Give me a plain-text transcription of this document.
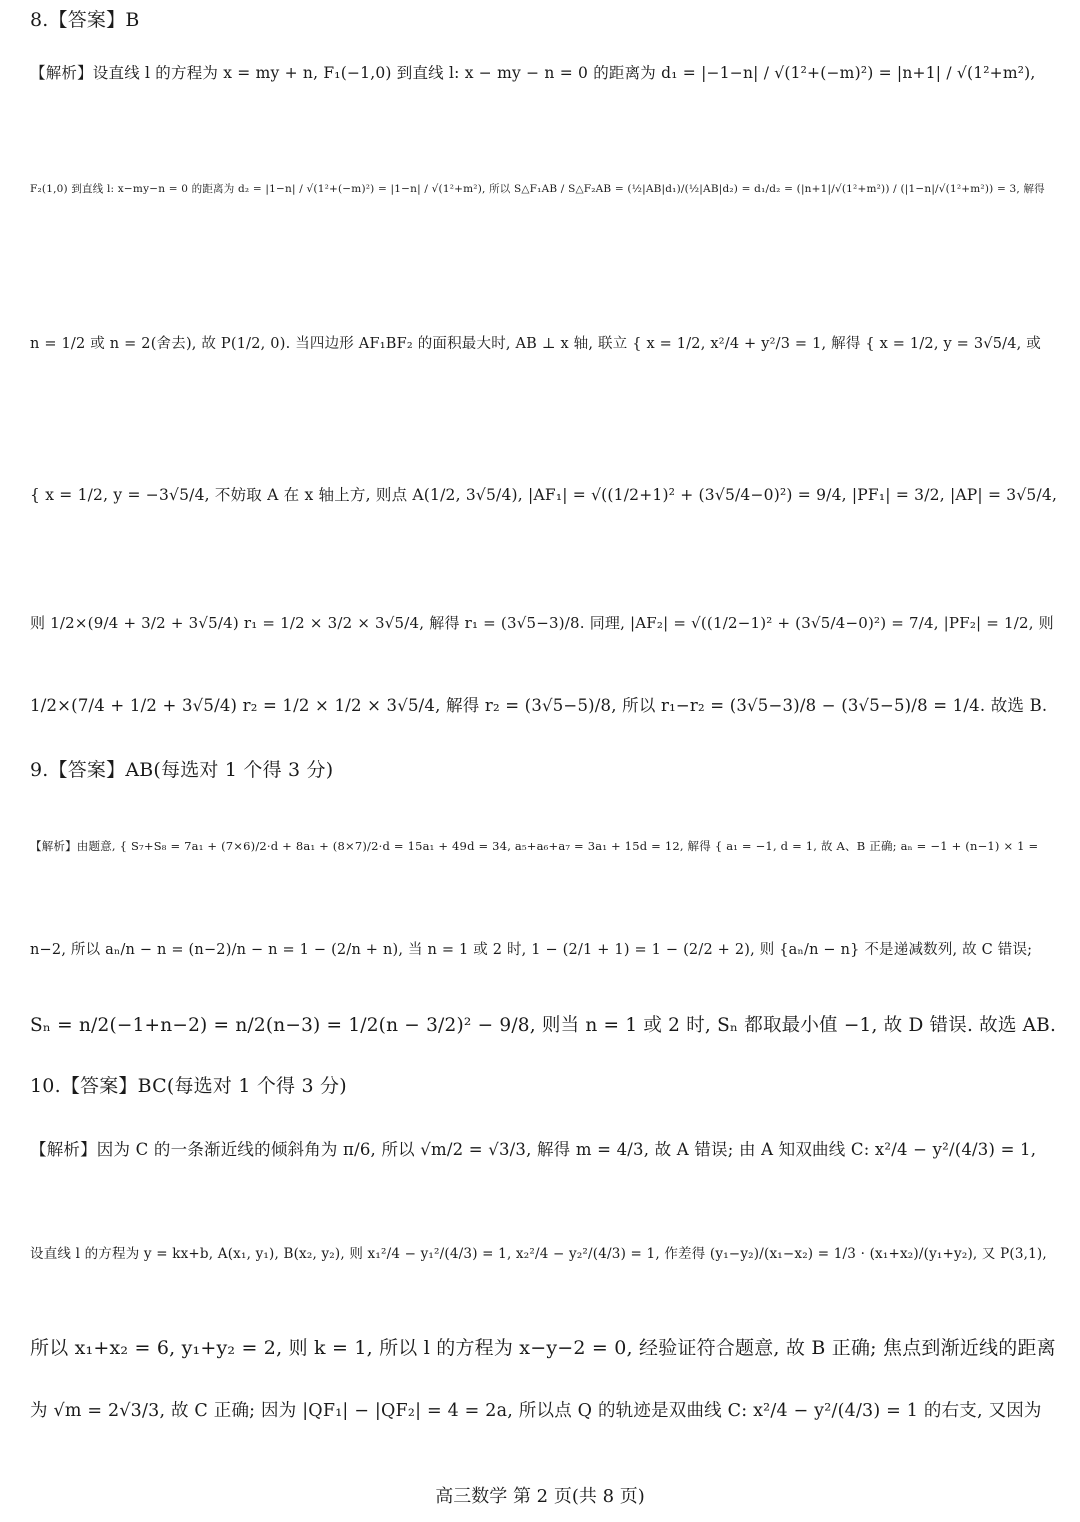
8.【答案】B
【解析】设直线 l 的方程为 x = my + n, F₁(−1,0) 到直线 l: x − my − n = 0 的距离为 d₁ = |−1−n| / √(1²+(−m)²) = |n+1| / √(1²+m²),
F₂(1,0) 到直线 l: x−my−n = 0 的距离为 d₂ = |1−n| / √(1²+(−m)²) = |1−n| / √(1²+m²), 所以 S△F₁AB / S△F₂AB = (½|AB|d₁)/(½|AB|d₂) = d₁/d₂ = (|n+1|/√(1²+m²)) / (|1−n|/√(1²+m²)) = 3, 解得
n = 1/2 或 n = 2(舍去), 故 P(1/2, 0). 当四边形 AF₁BF₂ 的面积最大时, AB ⊥ x 轴, 联立 { x = 1/2, x²/4 + y²/3 = 1, 解得 { x = 1/2, y = 3√5/4, 或
{ x = 1/2, y = −3√5/4, 不妨取 A 在 x 轴上方, 则点 A(1/2, 3√5/4), |AF₁| = √((1/2+1)² + (3√5/4−0)²) = 9/4, |PF₁| = 3/2, |AP| = 3√5/4,
则 1/2×(9/4 + 3/2 + 3√5/4) r₁ = 1/2 × 3/2 × 3√5/4, 解得 r₁ = (3√5−3)/8. 同理, |AF₂| = √((1/2−1)² + (3√5/4−0)²) = 7/4, |PF₂| = 1/2, 则
1/2×(7/4 + 1/2 + 3√5/4) r₂ = 1/2 × 1/2 × 3√5/4, 解得 r₂ = (3√5−5)/8, 所以 r₁−r₂ = (3√5−3)/8 − (3√5−5)/8 = 1/4. 故选 B.
9.【答案】AB(每选对 1 个得 3 分)
【解析】由题意, { S₇+S₈ = 7a₁ + (7×6)/2·d + 8a₁ + (8×7)/2·d = 15a₁ + 49d = 34, a₅+a₆+a₇ = 3a₁ + 15d = 12, 解得 { a₁ = −1, d = 1, 故 A、B 正确; aₙ = −1 + (n−1) × 1 =
n−2, 所以 aₙ/n − n = (n−2)/n − n = 1 − (2/n + n), 当 n = 1 或 2 时, 1 − (2/1 + 1) = 1 − (2/2 + 2), 则 {aₙ/n − n} 不是递减数列, 故 C 错误;
Sₙ = n/2(−1+n−2) = n/2(n−3) = 1/2(n − 3/2)² − 9/8, 则当 n = 1 或 2 时, Sₙ 都取最小值 −1, 故 D 错误. 故选 AB.
10.【答案】BC(每选对 1 个得 3 分)
【解析】因为 C 的一条渐近线的倾斜角为 π/6, 所以 √m/2 = √3/3, 解得 m = 4/3, 故 A 错误; 由 A 知双曲线 C: x²/4 − y²/(4/3) = 1,
设直线 l 的方程为 y = kx+b, A(x₁, y₁), B(x₂, y₂), 则 x₁²/4 − y₁²/(4/3) = 1, x₂²/4 − y₂²/(4/3) = 1, 作差得 (y₁−y₂)/(x₁−x₂) = 1/3 · (x₁+x₂)/(y₁+y₂), 又 P(3,1),
所以 x₁+x₂ = 6, y₁+y₂ = 2, 则 k = 1, 所以 l 的方程为 x−y−2 = 0, 经验证符合题意, 故 B 正确; 焦点到渐近线的距离
为 √m = 2√3/3, 故 C 正确; 因为 |QF₁| − |QF₂| = 4 = 2a, 所以点 Q 的轨迹是双曲线 C: x²/4 − y²/(4/3) = 1 的右支, 又因为
高三数学 第 2 页(共 8 页)
